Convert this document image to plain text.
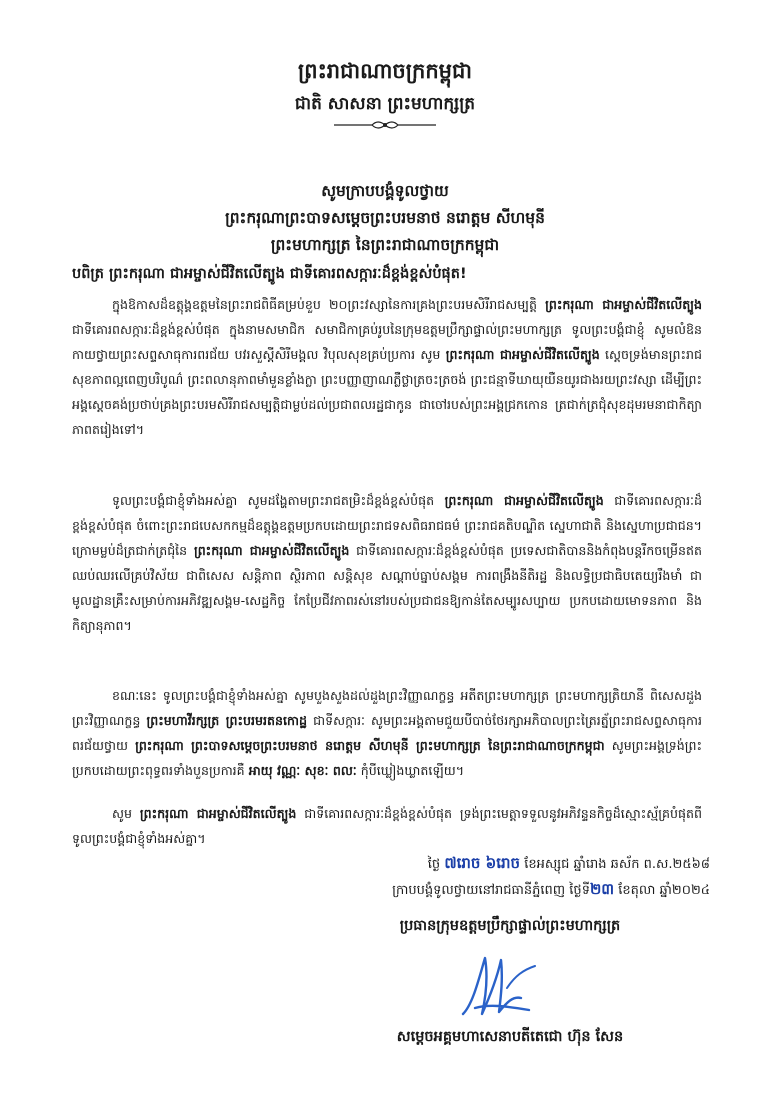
ព្រះរាជាណាចក្រកម្ពុជា
ជាតិ សាសនា ព្រះមហាក្សត្រ
សូមក្រាបបង្គំទូលថ្វាយ
ព្រះករុណាព្រះបាទសម្តេចព្រះបរមនាថ នរោត្តម សីហមុនី
ព្រះមហាក្សត្រ នៃព្រះរាជាណាចក្រកម្ពុជា
បពិត្រ ព្រះករុណា ជាអម្ចាស់ជីវិតលើត្បូង ជាទីគោរពសក្ការៈដ៏ខ្ពង់ខ្ពស់បំផុត!

ក្នុងឱកាសដ៏ឧត្តុង្គឧត្តមនៃព្រះរាជពិធីគម្រប់ខួប ២០ព្រះវស្សានៃការគ្រងព្រះបរមសិរីរាជសម្បត្តិ ព្រះករុណា ជាអម្ចាស់ជីវិតលើត្បូង ជាទីគោរពសក្ការៈដ៏ខ្ពង់ខ្ពស់បំផុត ក្នុងនាមសមាជិក សមាជិកាគ្រប់រូបនៃក្រុមឧត្តមប្រឹក្សាផ្ទាល់ព្រះមហាក្សត្រ ទូលព្រះបង្គំជាខ្ញុំ សូមលំឱនកាយថ្វាយព្រះសព្ទសាធុការពរជ័យ បវរសួស្តីសិរីមង្គល វិបុលសុខគ្រប់ប្រការ សូម ព្រះករុណា ជាអម្ចាស់ជីវិតលើត្បូង ស្តេចទ្រង់មានព្រះរាជសុខភាពល្អពេញបរិបូណ៌ ព្រះពលានុភាពមាំមួនខ្លាំងក្លា ព្រះបញ្ញាញាណភ្លឺថ្លាត្រចះត្រចង់ ព្រះជន្មាទីឃាយុយឺនយូរជាងរយព្រះវស្សា ដើម្បីព្រះអង្គស្តេចគង់ប្រថាប់គ្រងព្រះបរមសិរីរាជសម្បត្តិជាម្លប់ដល់ប្រជាពលរដ្ឋជាកូន ជាចៅរបស់ព្រះអង្គជ្រកកោន ត្រជាក់ត្រជុំសុខដុមរមនាជាកិត្យាភាពតរៀងទៅ។

ទូលព្រះបង្គំជាខ្ញុំទាំងអស់គ្នា សូមដង្ហែតាមព្រះរាជតម្រិះដ៏ខ្ពង់ខ្ពស់បំផុត ព្រះករុណា ជាអម្ចាស់ជីវិតលើត្បូង ជាទីគោរពសក្ការៈដ៏ខ្ពង់ខ្ពស់បំផុត ចំពោះព្រះរាជបេសកកម្មដ៏ឧត្តុង្គឧត្តមប្រកបដោយព្រះរាជទសពិធរាជធម៌ ព្រះរាជគតិបណ្ឌិត ស្នេហាជាតិ និងស្នេហាប្រជាជន។ ក្រោមម្លប់ដ៏ត្រជាក់ត្រជុំនៃ ព្រះករុណា ជាអម្ចាស់ជីវិតលើត្បូង ជាទីគោរពសក្ការៈដ៏ខ្ពង់ខ្ពស់បំផុត ប្រទេសជាតិបាននិងកំពុងបន្តរីកចម្រើនឥតឈប់ឈរលើគ្រប់វិស័យ ជាពិសេស សន្តិភាព ស្ថិរភាព សន្តិសុខ សណ្តាប់ធ្នាប់សង្គម ការពង្រឹងនីតិរដ្ឋ និងលទ្ធិប្រជាធិបតេយ្យរឹងមាំ ជាមូលដ្ឋានគ្រឹះសម្រាប់ការអភិវឌ្ឍសង្គម-សេដ្ឋកិច្ច កែប្រែជីវភាពរស់នៅរបស់ប្រជាជនឱ្យកាន់តែសម្បូរសប្បាយ ប្រកបដោយមោទនភាព និងកិត្យានុភាព។

ខណៈនេះ ទូលព្រះបង្គំជាខ្ញុំទាំងអស់គ្នា សូមបួងសួងដល់ដួងព្រះវិញ្ញាណក្ខន្ធ អតីតព្រះមហាក្សត្រ ព្រះមហាក្សត្រិយានី ពិសេសដួងព្រះវិញ្ញាណក្ខន្ធ ព្រះមហាវីរក្សត្រ ព្រះបរមរតនកោដ្ឋ ជាទីសក្ការៈ សូមព្រះអង្គតាមជួយបីបាច់ថែរក្សាអភិបាលព្រះត្រៃរត្ន័ព្រះរាជសព្ទសាធុការពរជ័យថ្វាយ ព្រះករុណា ព្រះបាទសម្តេចព្រះបរមនាថ នរោត្តម សីហមុនី ព្រះមហាក្សត្រ នៃព្រះរាជាណាចក្រកម្ពុជា សូមព្រះអង្គទ្រង់ព្រះប្រកបដោយព្រះពុទ្ធពរទាំងបួនប្រការគឺ អាយុ វណ្ណៈ សុខៈ ពលៈ កុំបីឃ្លៀងឃ្លាតឡើយ។

សូម ព្រះករុណា ជាអម្ចាស់ជីវិតលើត្បូង ជាទីគោរពសក្ការៈដ៏ខ្ពង់ខ្ពស់បំផុត ទ្រង់ព្រះមេត្តាទទួលនូវអភិវន្ទនកិច្ចដ៏ស្មោះស្ម័គ្រ​បំផុតពីទូលព្រះបង្គំជាខ្ញុំទាំងអស់គ្នា។

ថ្ងៃ ៧រោច ៦រោច ខែអស្សុជ ឆ្នាំរោង ឆស័ក ព.ស.២៥៦៨
ក្រាបបង្គំទូលថ្វាយនៅរាជធានីភ្នំពេញ ថ្ងៃទី២៣ ខែតុលា ឆ្នាំ២០២៤
ប្រធានក្រុមឧត្តមប្រឹក្សាផ្ទាល់ព្រះមហាក្សត្រ
សម្តេចអគ្គមហាសេនាបតីតេជោ ហ៊ុន សែន
